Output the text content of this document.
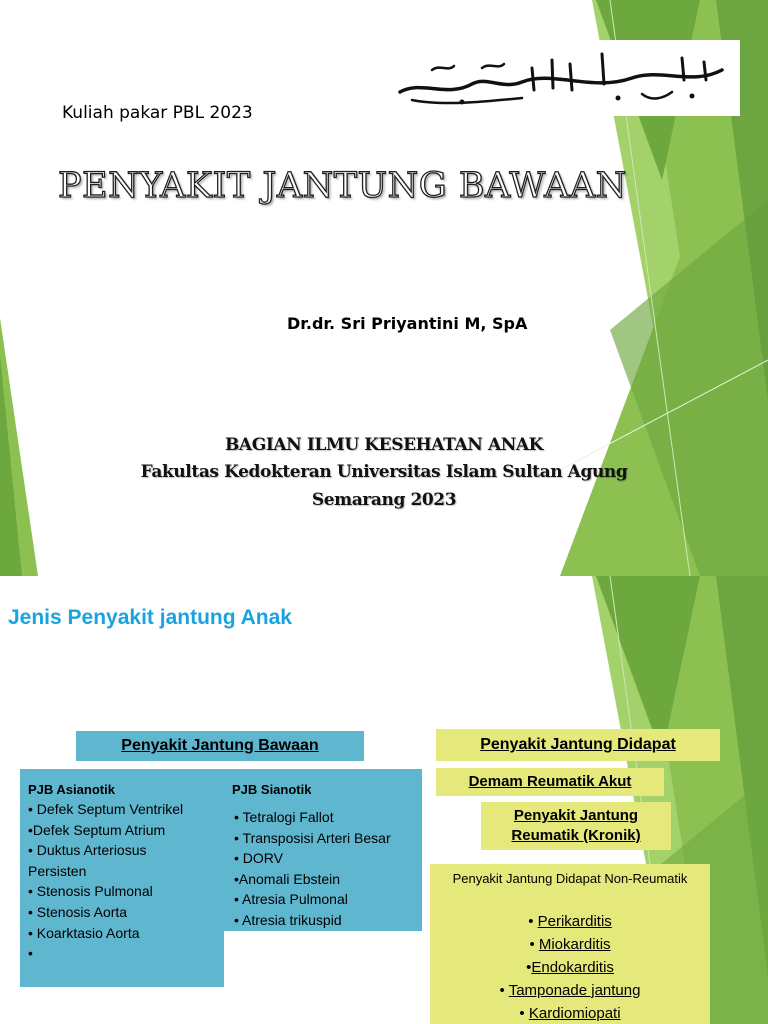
Kuliah pakar PBL 2023
PENYAKIT JANTUNG BAWAAN
Dr.dr. Sri Priyantini M, SpA
BAGIAN ILMU KESEHATAN ANAK
Fakultas Kedokteran Universitas Islam Sultan Agung
Semarang 2023
Jenis Penyakit jantung Anak
Penyakit Jantung Bawaan	Penyakit Jantung Didapat
Demam Reumatik Akut
Penyakit Jantung
Reumatik (Kronik)
PJB Asianotik
• Defek Septum Ventrikel
•Defek Septum Atrium
• Duktus Arteriosus
Persisten
• Stenosis Pulmonal
• Stenosis Aorta
• Koarktasio Aorta
•
PJB Sianotik
• Tetralogi Fallot
• Transposisi Arteri Besar
• DORV
•Anomali Ebstein
• Atresia Pulmonal
• Atresia trikuspid
Penyakit Jantung Didapat Non-Reumatik
• Perikarditis
• Miokarditis
•Endokarditis
• Tamponade jantung
• Kardiomiopati
